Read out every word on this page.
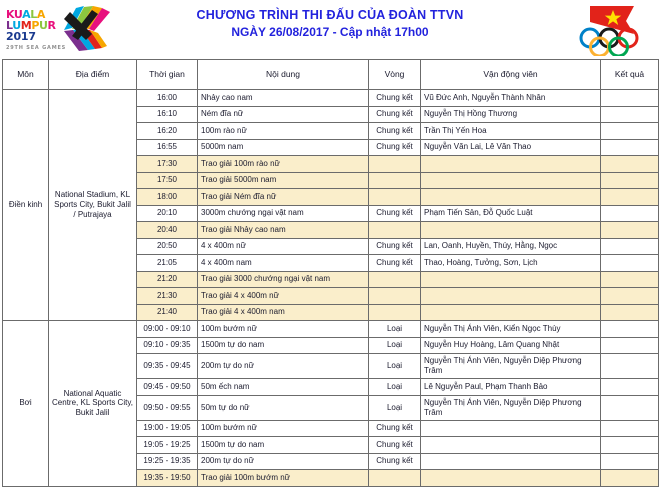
KUALA
LUMPUR
2017
29TH SEA GAMES
CHƯƠNG TRÌNH THI ĐẤU CỦA ĐOÀN TTVN
NGÀY 26/08/2017 - Cập nhật 17h00
Môn	Địa điểm	Thời gian	Nội dung	Vòng	Vận động viên	Kết quả
Điền kinh	National Stadium, KL Sports City, Bukit Jalil / Putrajaya	16:00	Nhảy cao nam	Chung kết	Vũ Đức Anh, Nguyễn Thành Nhân	
		16:10	Ném đĩa nữ	Chung kết	Nguyễn Thị Hồng Thương	
		16:20	100m rào nữ	Chung kết	Trần Thị Yến Hoa	
		16:55	5000m nam	Chung kết	Nguyễn Văn Lai, Lê Văn Thao	
		17:30	Trao giải 100m rào nữ			
		17:50	Trao giải 5000m nam			
		18:00	Trao giải Ném đĩa nữ			
		20:10	3000m chướng ngại vật nam	Chung kết	Phạm Tiến Sản, Đỗ Quốc Luật	
		20:40	Trao giải Nhảy cao nam			
		20:50	4 x 400m nữ	Chung kết	Lan, Oanh, Huyền, Thúy, Hằng, Ngọc	
		21:05	4 x 400m nam	Chung kết	Thao, Hoàng, Tưởng, Sơn, Lịch	
		21:20	Trao giải 3000 chướng ngại vật nam			
		21:30	Trao giải 4 x 400m nữ			
		21:40	Trao giải 4 x 400m nam			
Bơi	National Aquatic Centre, KL Sports City, Bukit Jalil	09:00 - 09:10	100m bướm nữ	Loại	Nguyễn Thị Ánh Viên, Kiển Ngọc Thùy	
		09:10 - 09:35	1500m tự do nam	Loại	Nguyễn Huy Hoàng, Lâm Quang Nhật	
		09:35 - 09:45	200m tự do nữ	Loại	Nguyễn Thị Ánh Viên, Nguyễn Diệp Phương Trâm	
		09:45 - 09:50	50m ếch nam	Loại	Lê Nguyễn Paul, Phạm Thanh Bảo	
		09:50 - 09:55	50m tự do nữ	Loại	Nguyễn Thị Ánh Viên, Nguyễn Diệp Phương Trâm	
		19:00 - 19:05	100m bướm nữ	Chung kết		
		19:05 - 19:25	1500m tự do nam	Chung kết		
		19:25 - 19:35	200m tự do nữ	Chung kết		
		19:35 - 19:50	Trao giải 100m bướm nữ			
